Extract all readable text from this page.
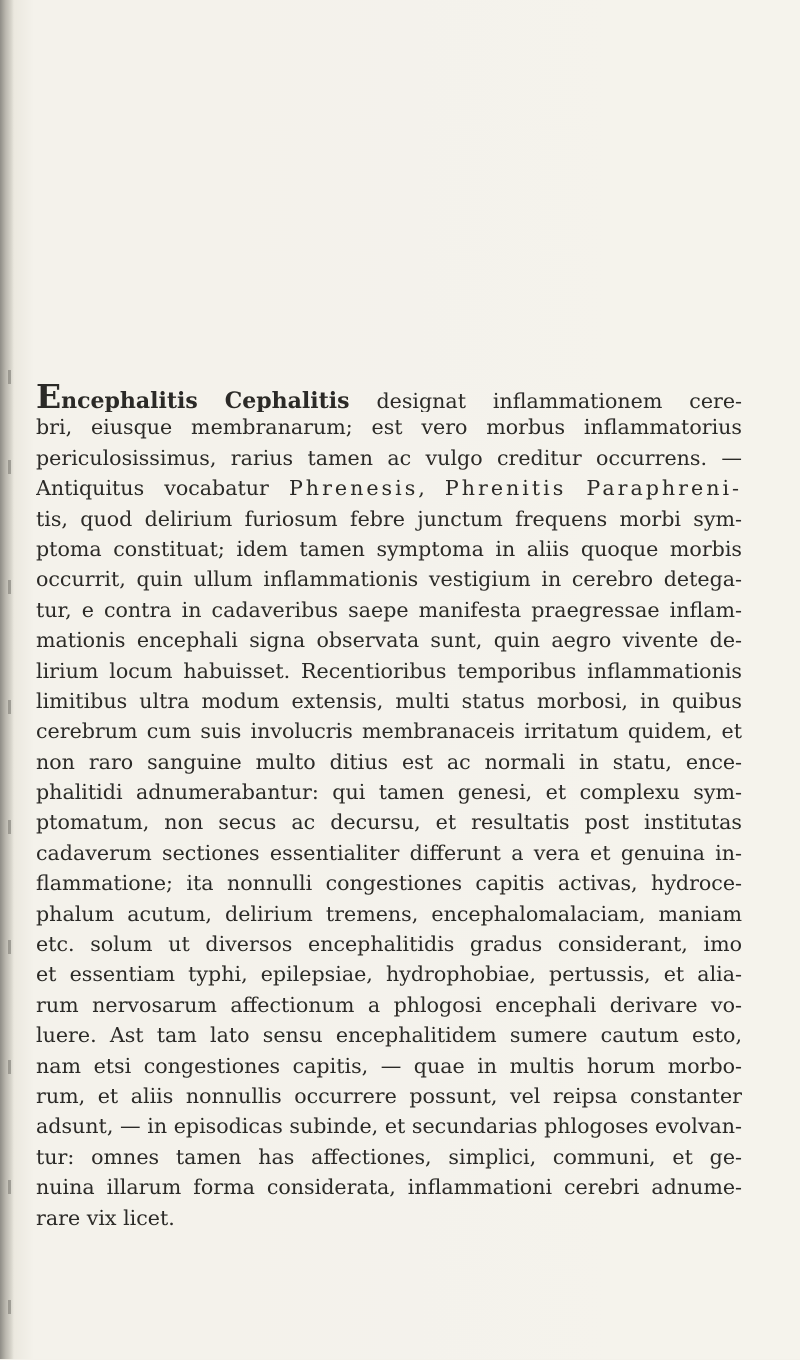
Encephalitis Cephalitis designat inflammationem cere-
bri, eiusque membranarum; est vero morbus inflammatorius
periculosissimus, rarius tamen ac vulgo creditur occurrens. —
Antiquitus vocabatur Phrenesis, Phrenitis Paraphreni-
tis, quod delirium furiosum febre junctum frequens morbi sym-
ptoma constituat; idem tamen symptoma in aliis quoque morbis
occurrit, quin ullum inflammationis vestigium in cerebro detega-
tur, e contra in cadaveribus saepe manifesta praegressae inflam-
mationis encephali signa observata sunt, quin aegro vivente de-
lirium locum habuisset. Recentioribus temporibus inflammationis
limitibus ultra modum extensis, multi status morbosi, in quibus
cerebrum cum suis involucris membranaceis irritatum quidem, et
non raro sanguine multo ditius est ac normali in statu, ence-
phalitidi adnumerabantur: qui tamen genesi, et complexu sym-
ptomatum, non secus ac decursu, et resultatis post institutas
cadaverum sectiones essentialiter differunt a vera et genuina in-
flammatione; ita nonnulli congestiones capitis activas, hydroce-
phalum acutum, delirium tremens, encephalomalaciam, maniam
etc. solum ut diversos encephalitidis gradus considerant, imo
et essentiam typhi, epilepsiae, hydrophobiae, pertussis, et alia-
rum nervosarum affectionum a phlogosi encephali derivare vo-
luere. Ast tam lato sensu encephalitidem sumere cautum esto,
nam etsi congestiones capitis, — quae in multis horum morbo-
rum, et aliis nonnullis occurrere possunt, vel reipsa constanter
adsunt, — in episodicas subinde, et secundarias phlogoses evolvan-
tur: omnes tamen has affectiones, simplici, communi, et ge-
nuina illarum forma considerata, inflammationi cerebri adnume-
rare vix licet.
